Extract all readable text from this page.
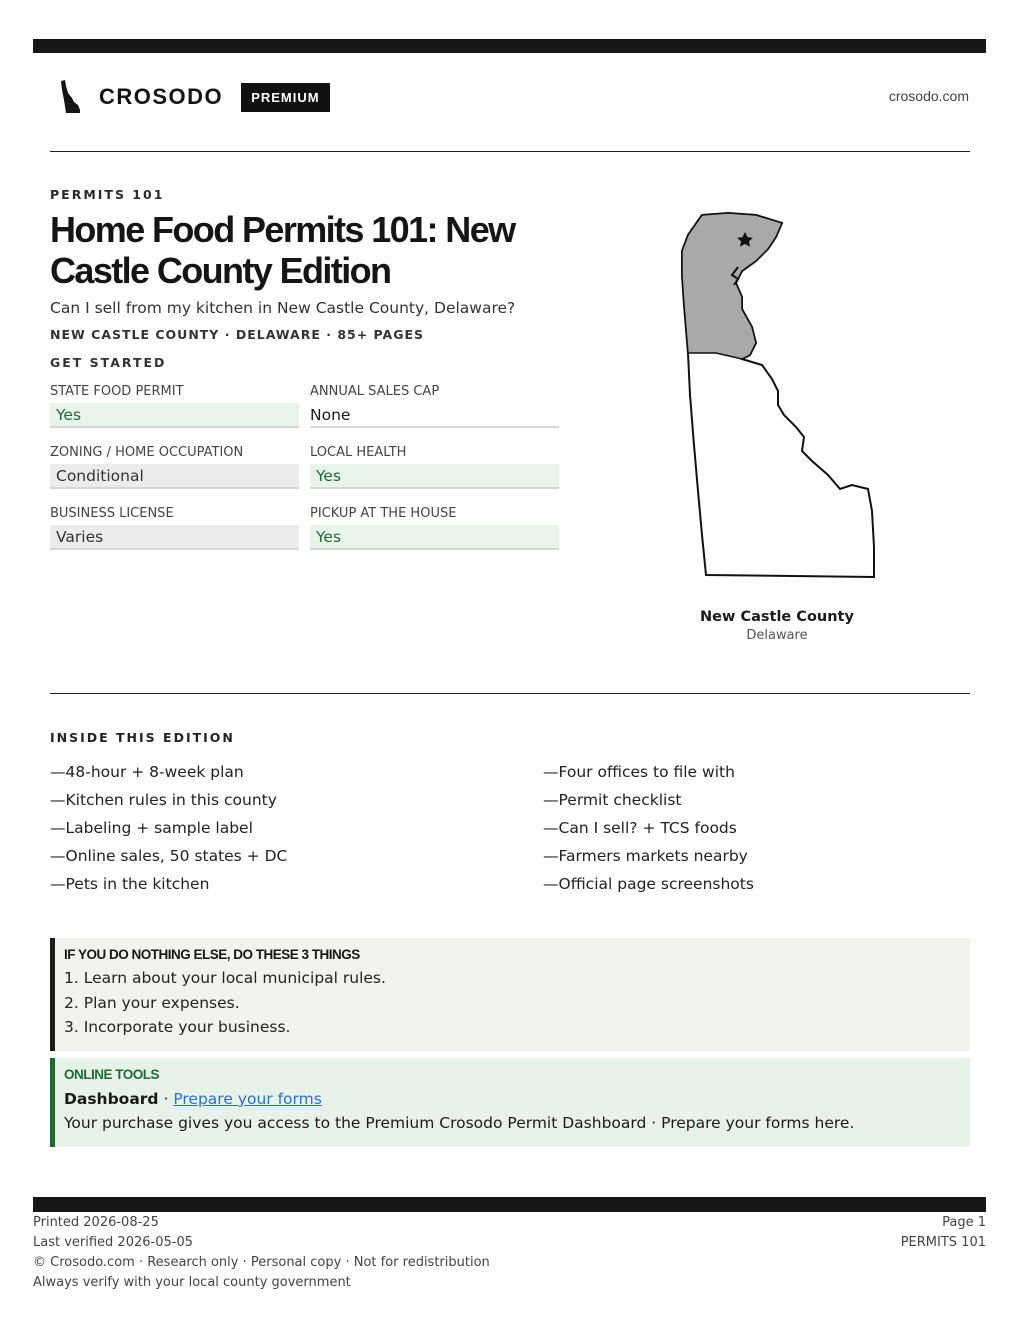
CROSODO	PREMIUM	crosodo.com
PERMITS 101
Home Food Permits 101: New Castle County Edition
Can I sell from my kitchen in New Castle County, Delaware?
NEW CASTLE COUNTY · DELAWARE · 85+ PAGES
GET STARTED
STATE FOOD PERMIT
Yes
ANNUAL SALES CAP
None
ZONING / HOME OCCUPATION
Conditional
LOCAL HEALTH
Yes
BUSINESS LICENSE
Varies
PICKUP AT THE HOUSE
Yes
New Castle County
Delaware
INSIDE THIS EDITION
—48-hour + 8-week plan
—Kitchen rules in this county
—Labeling + sample label
—Online sales, 50 states + DC
—Pets in the kitchen
—Four offices to file with
—Permit checklist
—Can I sell? + TCS foods
—Farmers markets nearby
—Official page screenshots
IF YOU DO NOTHING ELSE, DO THESE 3 THINGS
1. Learn about your local municipal rules.
2. Plan your expenses.
3. Incorporate your business.
ONLINE TOOLS
Dashboard · Prepare your forms
Your purchase gives you access to the Premium Crosodo Permit Dashboard · Prepare your forms here.
Printed 2026-08-25
Last verified 2026-05-05
© Crosodo.com · Research only · Personal copy · Not for redistribution
Always verify with your local county government
Page 1
PERMITS 101
